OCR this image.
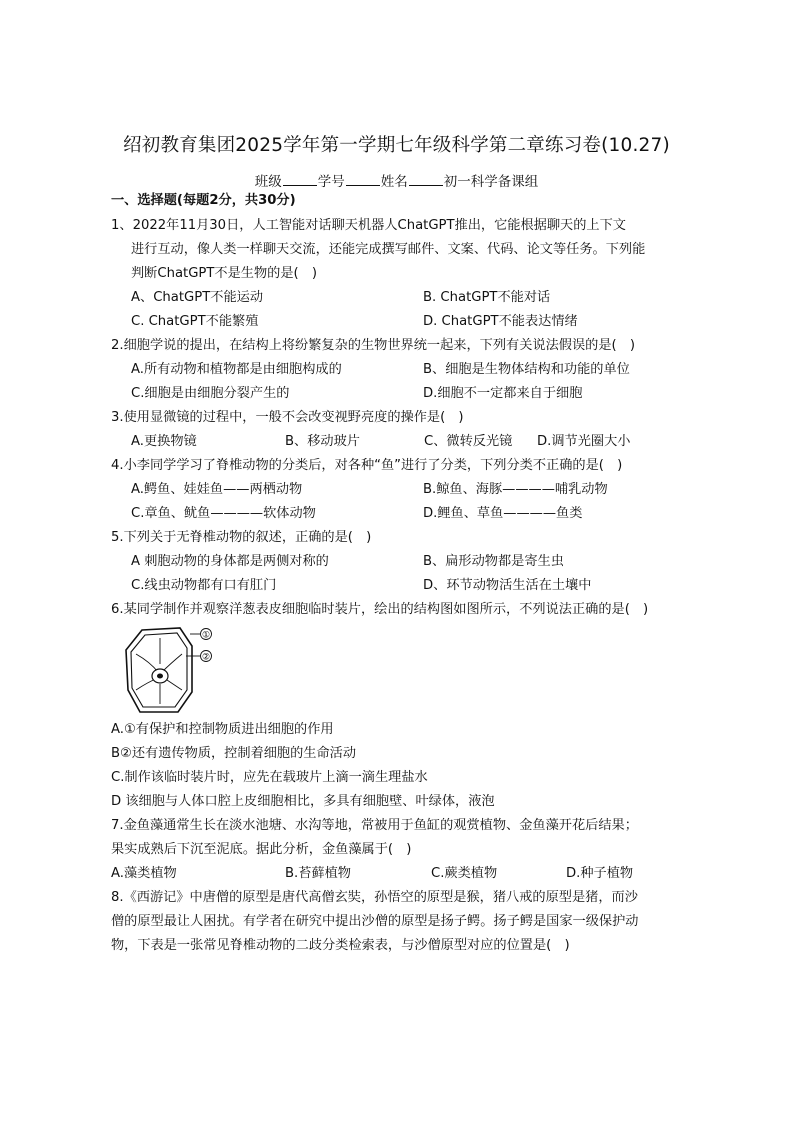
绍初教育集团2025学年第一学期七年级科学第二章练习卷(10.27)
班级	学号	姓名	初一科学备课组
一、选择题(每题2分，共30分)
1、2022年11月30日，人工智能对话聊天机器人ChatGPT推出，它能根据聊天的上下文
进行互动，像人类一样聊天交流，还能完成撰写邮件、文案、代码、论文等任务。下列能
判断ChatGPT不是生物的是(　)
A、ChatGPT不能运动	B. ChatGPT不能对话
C. ChatGPT不能繁殖	D. ChatGPT不能表达情绪
2.细胞学说的提出，在结构上将纷繁复杂的生物世界统一起来，下列有关说法假误的是(　)
A.所有动物和植物都是由细胞构成的	B、细胞是生物体结构和功能的单位
C.细胞是由细胞分裂产生的	D.细胞不一定都来自于细胞
3.使用显微镜的过程中，一般不会改变视野亮度的操作是(　)
A.更换物镜	B、移动玻片	C、微转反光镜 D.调节光圈大小
4.小李同学学习了脊椎动物的分类后，对各种“鱼”进行了分类，下列分类不正确的是(　)
A.鳄鱼、娃娃鱼——两栖动物	B.鲸鱼、海豚————哺乳动物
C.章鱼、鱿鱼————软体动物	D.鲤鱼、草鱼————鱼类
5.下列关于无脊椎动物的叙述，正确的是(　)
A 刺胞动物的身体都是两侧对称的	B、扁形动物都是寄生虫
C.线虫动物都有口有肛门	D、环节动物活生活在土壤中
6.某同学制作并观察洋葱表皮细胞临时装片，绘出的结构图如图所示，不列说法正确的是(　)
①
②
A.①有保护和控制物质进出细胞的作用
B②还有遗传物质，控制着细胞的生命活动
C.制作该临时装片时，应先在载玻片上滴一滴生理盐水
D 该细胞与人体口腔上皮细胞相比，多具有细胞壁、叶绿体，液泡
7.金鱼藻通常生长在淡水池塘、水沟等地，常被用于鱼缸的观赏植物、金鱼藻开花后结果；
果实成熟后下沉至泥底。据此分析，金鱼藻属于(　)
A.藻类植物	B.苔藓植物	C.蕨类植物	D.种子植物
8.《西游记》中唐僧的原型是唐代高僧玄奘，孙悟空的原型是猴，猪八戒的原型是猪，而沙
僧的原型最让人困扰。有学者在研究中提出沙僧的原型是扬子鳄。扬子鳄是国家一级保护动
物，下表是一张常见脊椎动物的二歧分类检索表，与沙僧原型对应的位置是(　)
